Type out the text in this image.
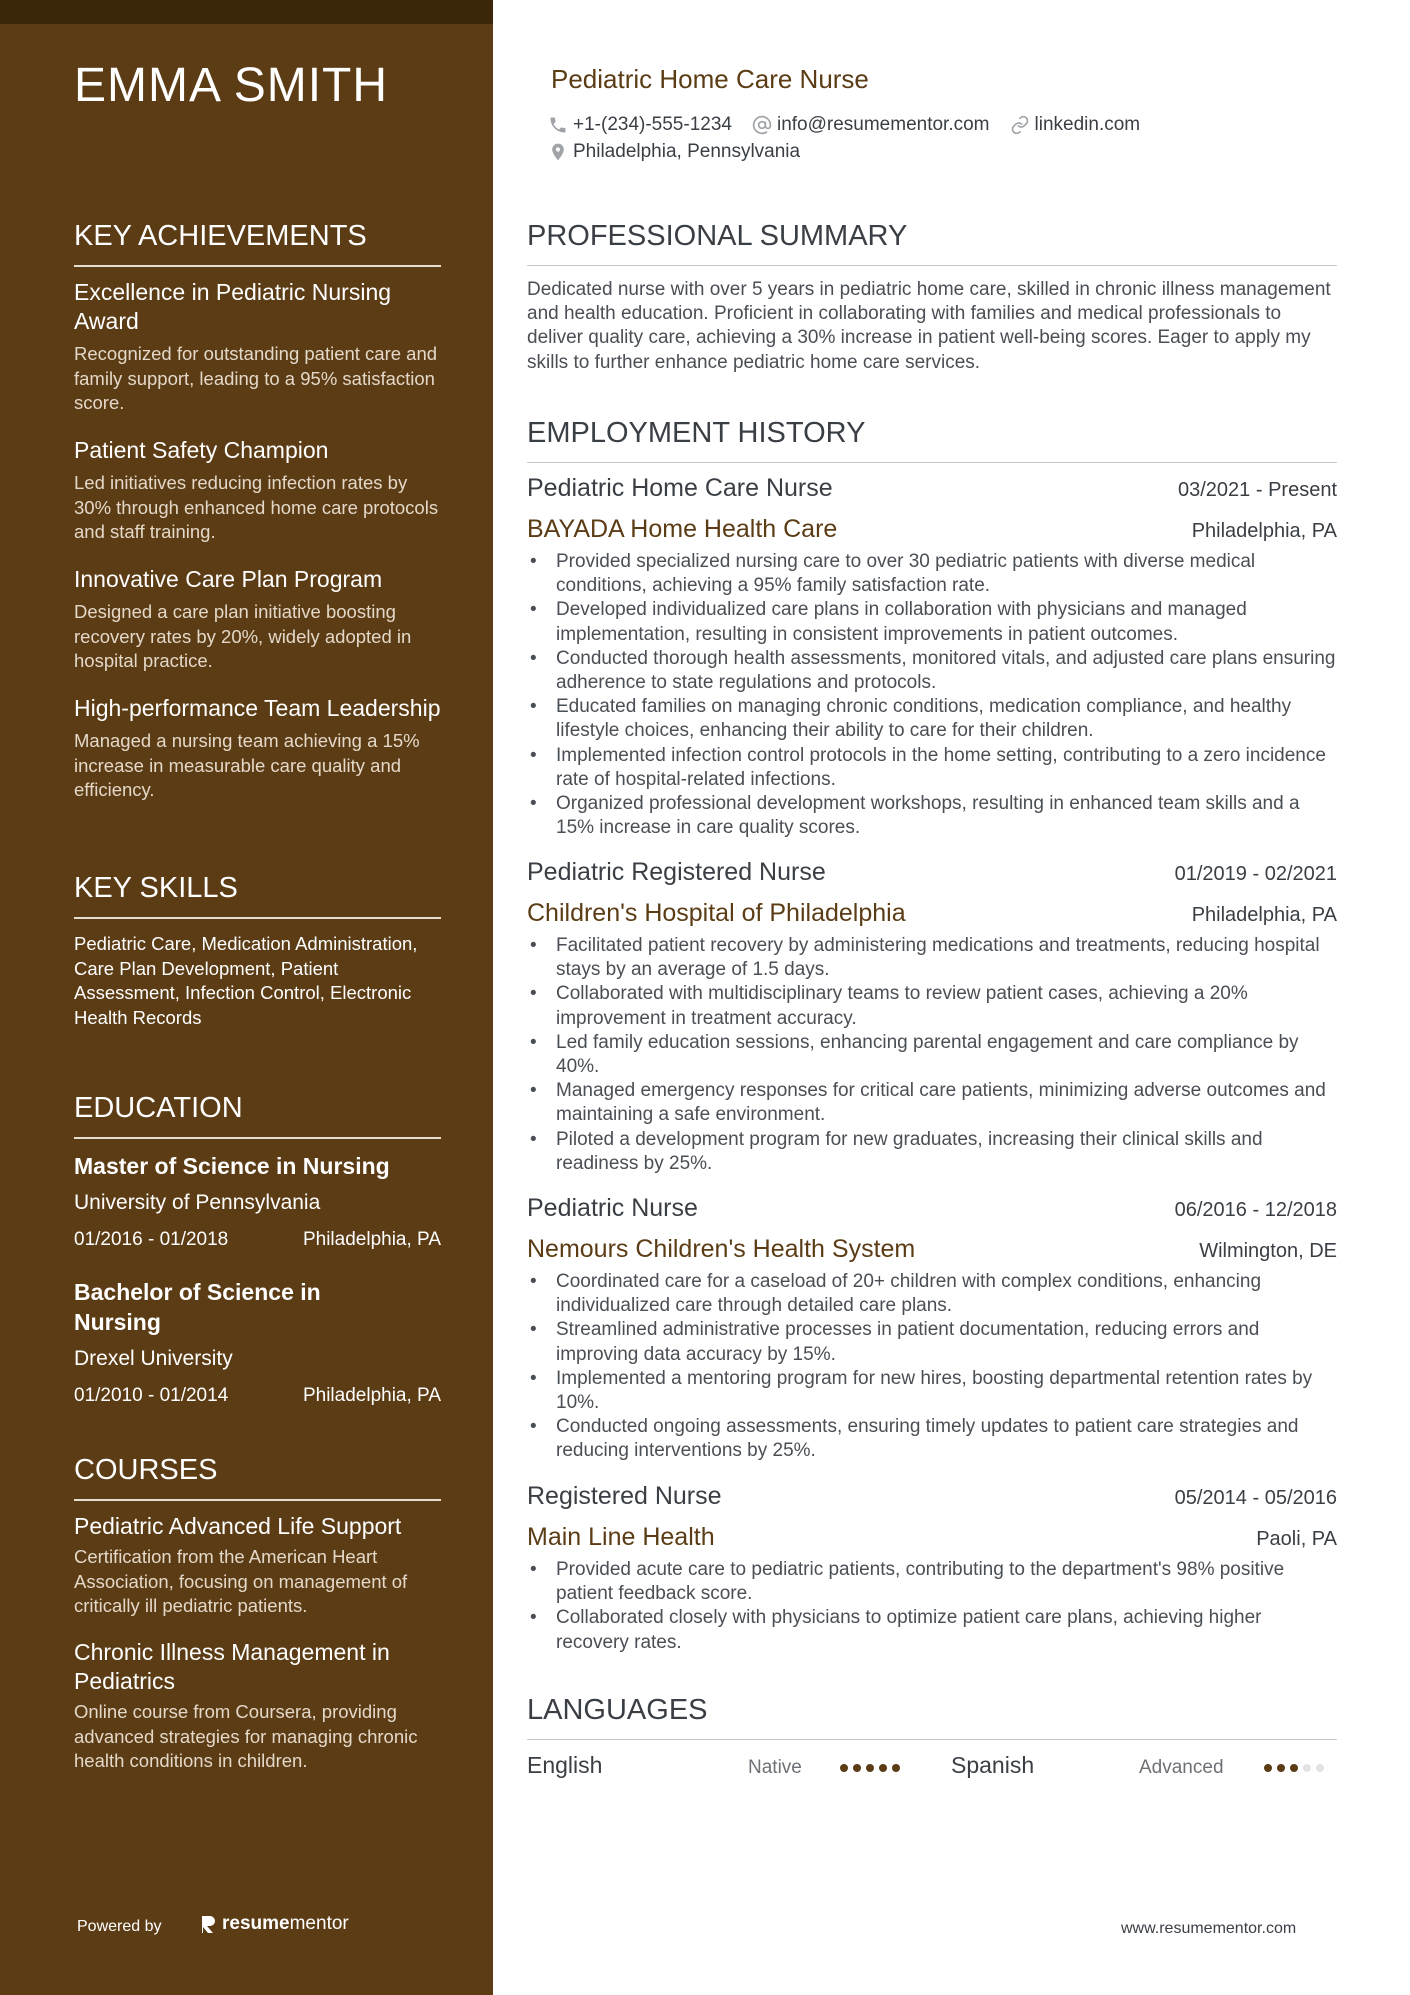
EMMA SMITH
KEY ACHIEVEMENTS
Excellence in Pediatric Nursing Award
Recognized for outstanding patient care and family support, leading to a 95% satisfaction score.
Patient Safety Champion
Led initiatives reducing infection rates by 30% through enhanced home care protocols and staff training.
Innovative Care Plan Program
Designed a care plan initiative boosting recovery rates by 20%, widely adopted in hospital practice.
High-performance Team Leadership
Managed a nursing team achieving a 15% increase in measurable care quality and efficiency.
KEY SKILLS
Pediatric Care, Medication Administration, Care Plan Development, Patient Assessment, Infection Control, Electronic Health Records
EDUCATION
Master of Science in Nursing
University of Pennsylvania
01/2016 - 01/2018	Philadelphia, PA
Bachelor of Science in Nursing
Drexel University
01/2010 - 01/2014	Philadelphia, PA
COURSES
Pediatric Advanced Life Support
Certification from the American Heart Association, focusing on management of critically ill pediatric patients.
Chronic Illness Management in Pediatrics
Online course from Coursera, providing advanced strategies for managing chronic health conditions in children.
Powered by	resume mentor
Pediatric Home Care Nurse
+1-(234)-555-1234 info@resumementor.com linkedin.com
Philadelphia, Pennsylvania
PROFESSIONAL SUMMARY
Dedicated nurse with over 5 years in pediatric home care, skilled in chronic illness management and health education. Proficient in collaborating with families and medical professionals to deliver quality care, achieving a 30% increase in patient well-being scores. Eager to apply my skills to further enhance pediatric home care services.
EMPLOYMENT HISTORY
Pediatric Home Care Nurse	03/2021 - Present
BAYADA Home Health Care	Philadelphia, PA
• Provided specialized nursing care to over 30 pediatric patients with diverse medical conditions, achieving a 95% family satisfaction rate.
• Developed individualized care plans in collaboration with physicians and managed implementation, resulting in consistent improvements in patient outcomes.
• Conducted thorough health assessments, monitored vitals, and adjusted care plans ensuring adherence to state regulations and protocols.
• Educated families on managing chronic conditions, medication compliance, and healthy lifestyle choices, enhancing their ability to care for their children.
• Implemented infection control protocols in the home setting, contributing to a zero incidence rate of hospital-related infections.
• Organized professional development workshops, resulting in enhanced team skills and a 15% increase in care quality scores.
Pediatric Registered Nurse	01/2019 - 02/2021
Children's Hospital of Philadelphia	Philadelphia, PA
• Facilitated patient recovery by administering medications and treatments, reducing hospital stays by an average of 1.5 days.
• Collaborated with multidisciplinary teams to review patient cases, achieving a 20% improvement in treatment accuracy.
• Led family education sessions, enhancing parental engagement and care compliance by 40%.
• Managed emergency responses for critical care patients, minimizing adverse outcomes and maintaining a safe environment.
• Piloted a development program for new graduates, increasing their clinical skills and readiness by 25%.
Pediatric Nurse	06/2016 - 12/2018
Nemours Children's Health System	Wilmington, DE
• Coordinated care for a caseload of 20+ children with complex conditions, enhancing individualized care through detailed care plans.
• Streamlined administrative processes in patient documentation, reducing errors and improving data accuracy by 15%.
• Implemented a mentoring program for new hires, boosting departmental retention rates by 10%.
• Conducted ongoing assessments, ensuring timely updates to patient care strategies and reducing interventions by 25%.
Registered Nurse	05/2014 - 05/2016
Main Line Health	Paoli, PA
• Provided acute care to pediatric patients, contributing to the department's 98% positive patient feedback score.
• Collaborated closely with physicians to optimize patient care plans, achieving higher recovery rates.
LANGUAGES
English	Native	Spanish	Advanced
www.resumementor.com
